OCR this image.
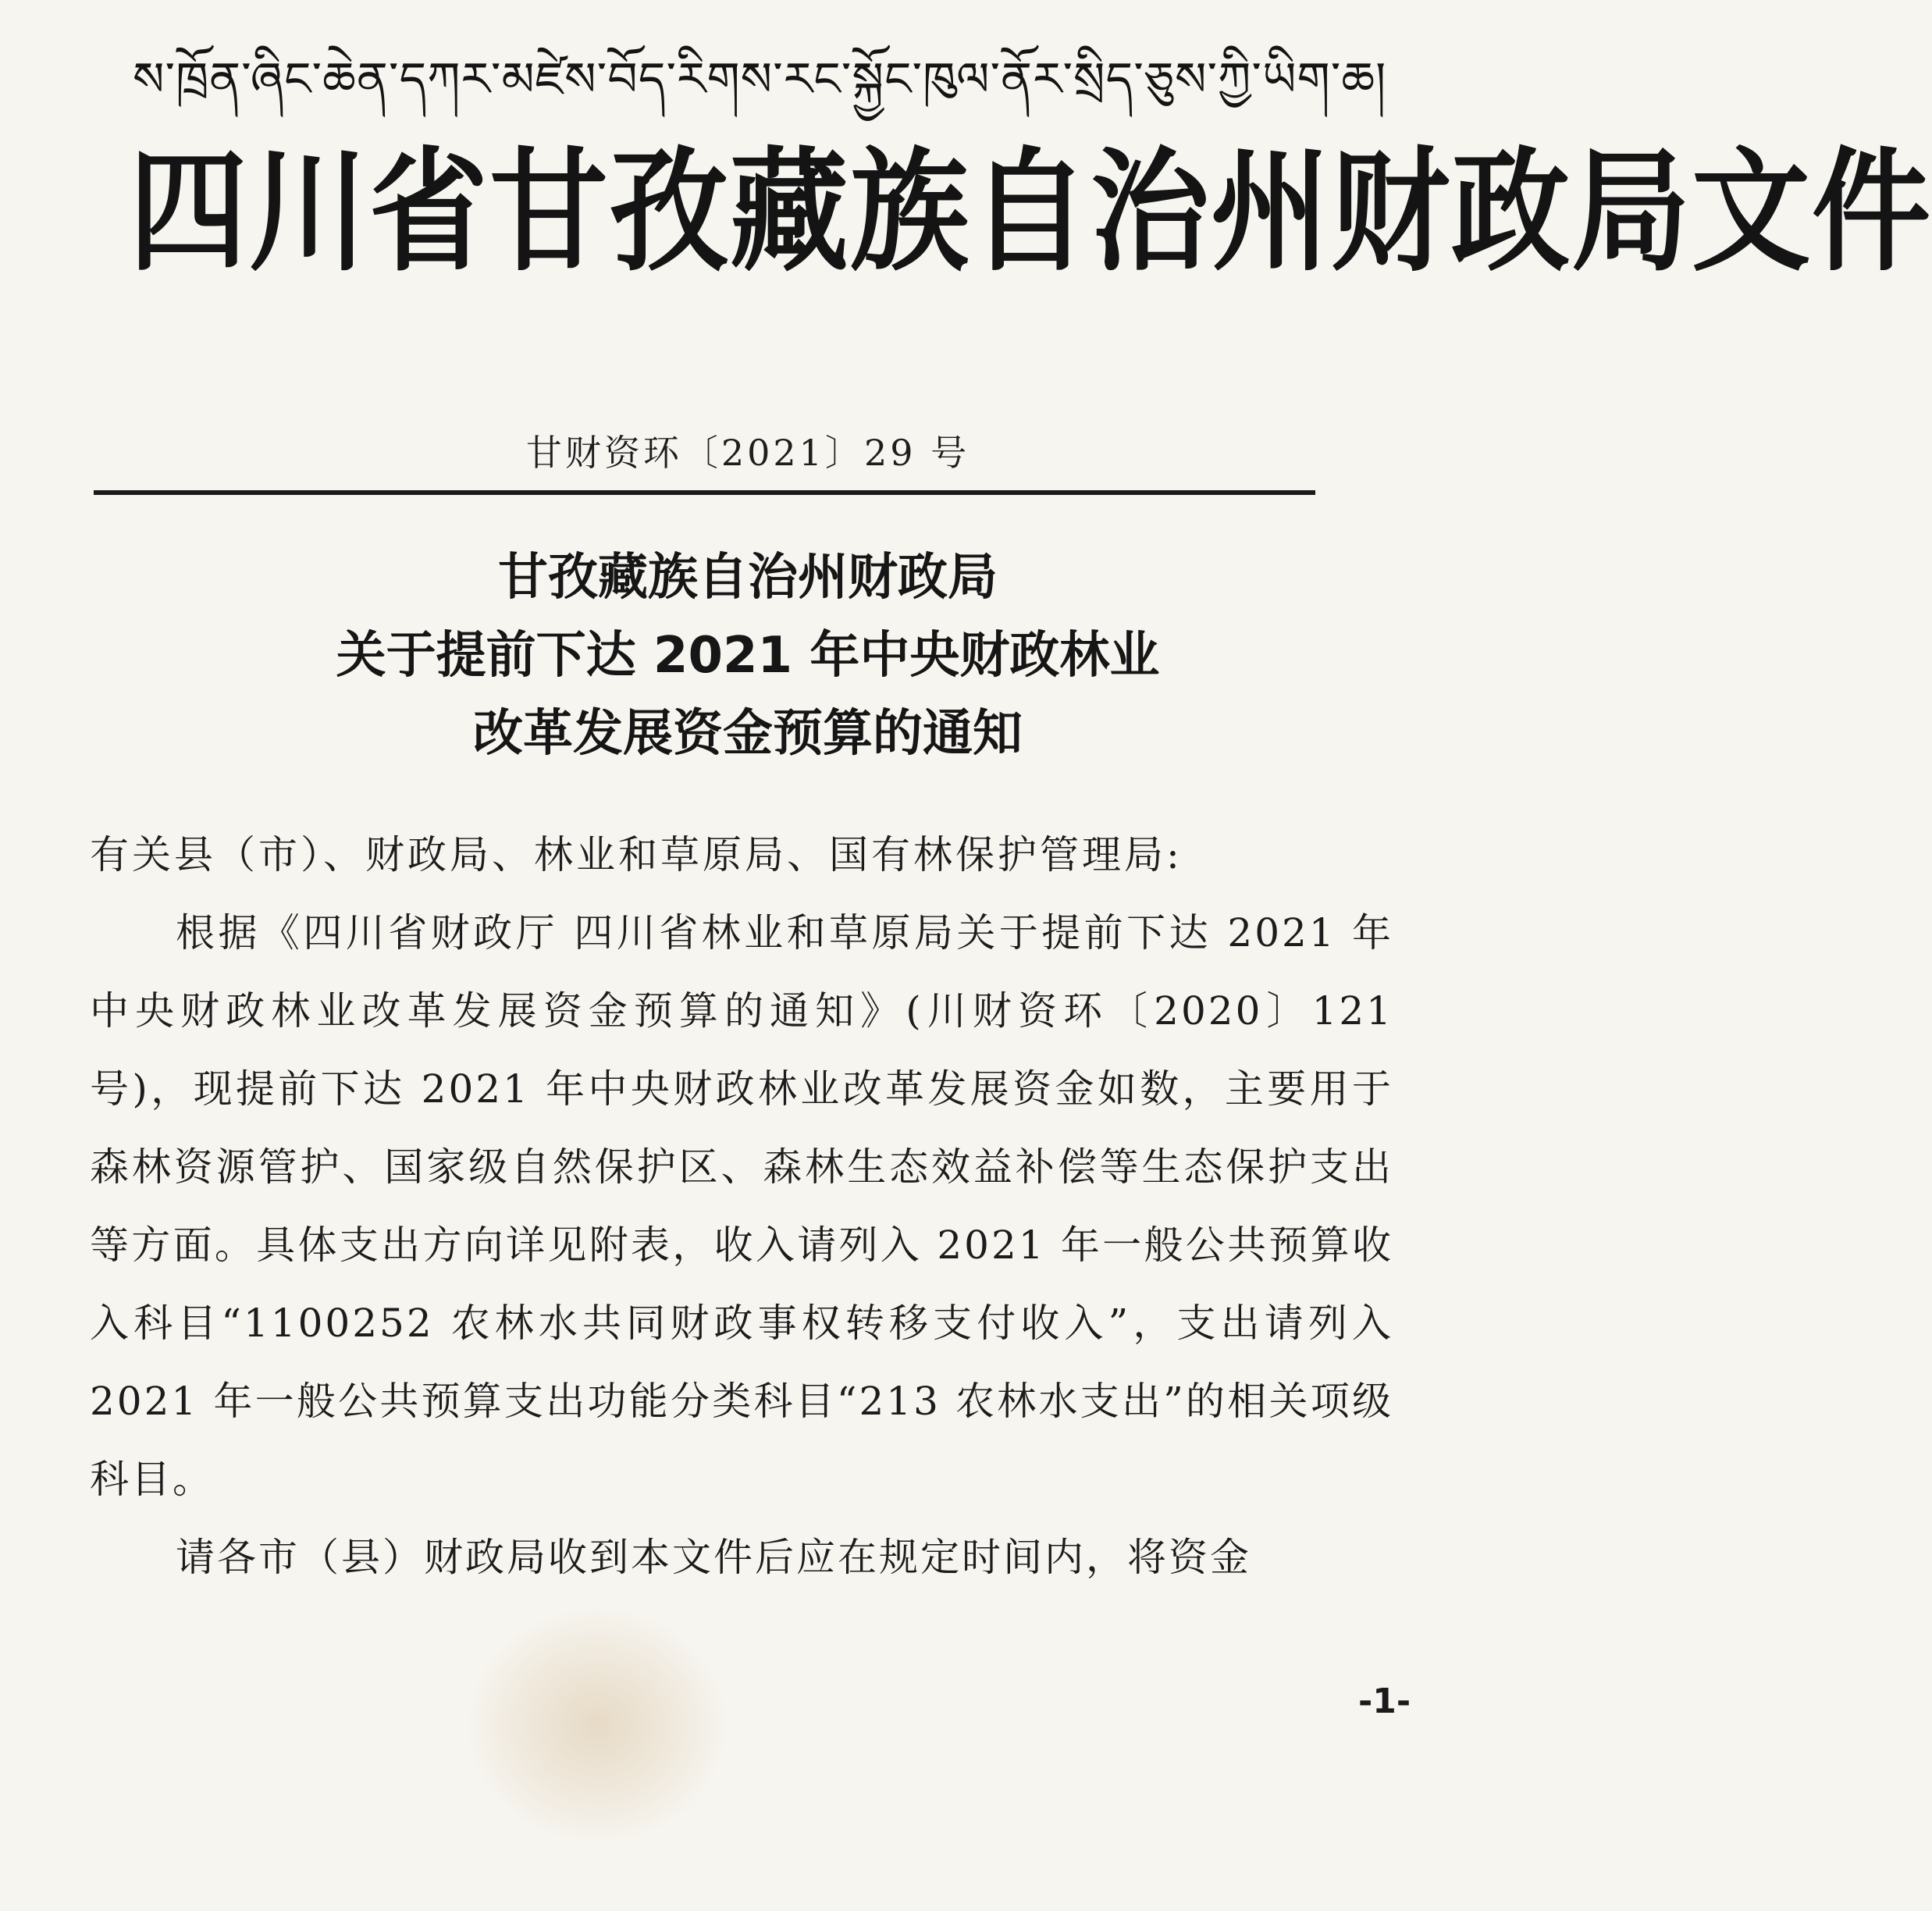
ས་ཁྲོན་ཞིང་ཆེན་དཀར་མཛེས་བོད་རིགས་རང་སྐྱོང་ཁུལ་ནོར་སྲིད་ཅུས་ཀྱི་ཡིག་ཆ།
四川省甘孜藏族自治州财政局文件
甘财资环〔2021〕29 号
甘孜藏族自治州财政局
关于提前下达 2021 年中央财政林业
改革发展资金预算的通知

有关县（市）、财政局、林业和草原局、国有林保护管理局:

根据《四川省财政厅 四川省林业和草原局关于提前下达 2021 年中央财政林业改革发展资金预算的通知》(川财资环〔2020〕121 号)，现提前下达 2021 年中央财政林业改革发展资金如数，主要用于森林资源管护、国家级自然保护区、森林生态效益补偿等生态保护支出等方面。具体支出方向详见附表，收入请列入 2021 年一般公共预算收入科目“1100252 农林水共同财政事权转移支付收入”，支出请列入 2021 年一般公共预算支出功能分类科目“213 农林水支出”的相关项级科目。

请各市（县）财政局收到本文件后应在规定时间内，将资金

-1-
